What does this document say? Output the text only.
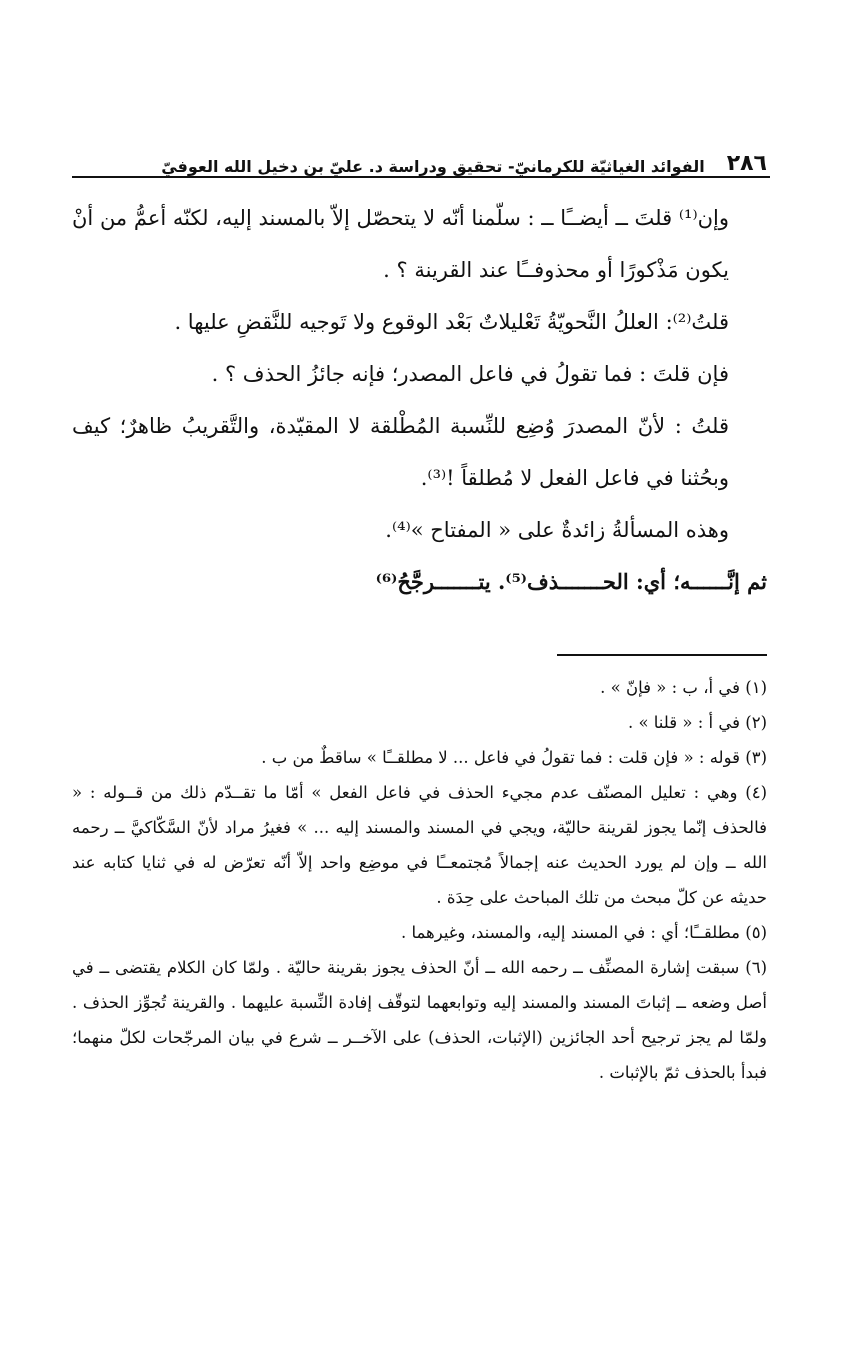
٢٨٦
الفوائد الغياثيّة للكرمانيّ- تحقيق ودراسة د. عليّ بن دخيل الله العوفيّ

وإن⁽¹⁾ قلتَ ــ أيضــًا ــ : سلّمنا أنّه لا يتحصّل إلاّ بالمسند إليه، لكنّه أعمُّ من أنْ يكون مَذْكورًا أو محذوفــًا عند القرينة ؟ .

قلتُ⁽²⁾: العللُ النَّحويّةُ تَعْليلاتٌ بَعْد الوقوع ولا تَوجيه للنَّقضِ عليها .

فإن قلتَ : فما تقولُ في فاعل المصدر؛ فإنه جائزُ الحذف ؟ .

قلتُ : لأنّ المصدرَ وُضِع للنِّسبة المُطْلقة لا المقيّدة، والتَّقريبُ ظاهرٌ؛ كيف وبحُثنا في فاعل الفعل لا مُطلقاً !⁽³⁾.

وهذه المسألةُ زائدةٌ على « المفتاح »⁽⁴⁾.

ثم إنَّــــــه؛ أي: الحـــــــذف⁽⁵⁾. يتـــــــرجَّحُ⁽⁶⁾

(١) في أ، ب : « فإنّ » .

(٢) في أ : « قلنا » .

(٣) قوله : « فإن قلت : فما تقولُ في فاعل ... لا مطلقــًا » ساقطٌ من ب .

(٤) وهي : تعليل المصنّف عدم مجيء الحذف في فاعل الفعل » أمّا ما تقــدّم ذلك من قــوله : « فالحذف إنّما يجوز لقرينة حاليّة، ويجي في المسند والمسند إليه ... » فغيرُ مراد لأنّ السَّكّاكيَّ ــ رحمه الله ــ وإن لم يورد الحديث عنه إجمالاً مُجتمعــًا في موضِع واحد إلاّ أنّه تعرّض له في ثنايا كتابه عند حديثه عن كلّ مبحث من تلك المباحث على حِدَة .

(٥) مطلقــًا؛ أي : في المسند إليه، والمسند، وغيرهما .

(٦) سبقت إشارة المصنِّف ــ رحمه الله ــ أنّ الحذف يجوز بقرينة حاليّة . ولمّا كان الكلام يقتضى ــ في أصل وضعه ــ إثباتَ المسند والمسند إليه وتوابعهما لتوقّف إفادة النِّسبة عليهما . والقرينة تُجوِّز الحذف . ولمّا لم يجز ترجيح أحد الجائزين (الإثبات، الحذف) على الآخــر ــ شرع في بيان المرجّحات لكلّ منهما؛ فبدأ بالحذف ثمّ بالإثبات .
